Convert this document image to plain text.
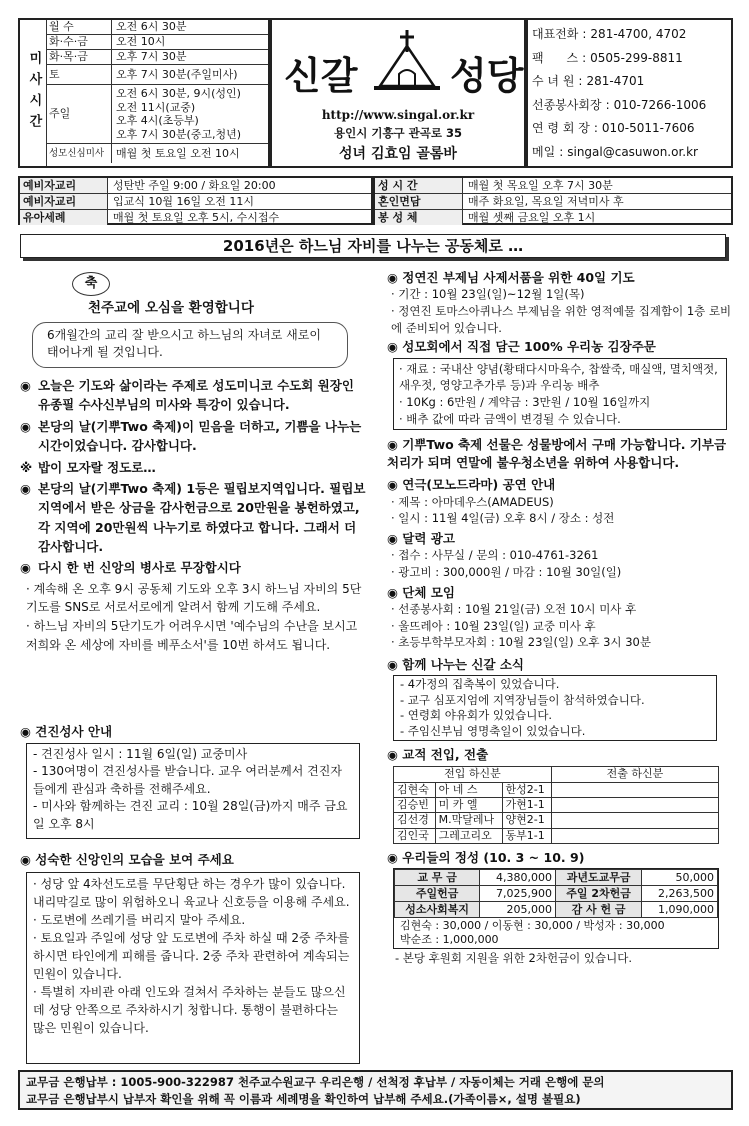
미사시간
월 수	오전 6시 30분
화·수·금	오전 10시
화·목·금	오후 7시 30분
토	오후 7시 30분(주일미사)
주일
오전 6시 30분, 9시(성인)
오전 11시(교중)
오후 4시(초등부)
오후 7시 30분(중고,청년)
성모신심미사	매월 첫 토요일 오전 10시
신갈 성당
http://www.singal.or.kr
용인시 기흥구 관곡로 35
성녀 김효임 골롬바
대표전화 : 281-4700, 4702
팩      스 : 0505-299-8811
수 녀 원 : 281-4701
선종봉사회장 : 010-7266-1006
연 령 회 장 : 010-5011-7606
메일 : singal@casuwon.or.kr
예비자교리	성탄반 주일 9:00 / 화요일 20:00
예비자교리	입교식 10월 16일 오전 11시
유아세례	매월 첫 토요일 오후 5시, 수시접수
성 시 간	매월 첫 목요일 오후 7시 30분
혼인면담	매주 화요일, 목요일 저녁미사 후
봉 성 체	매월 셋째 금요일 오후 1시
2016년은 하느님 자비를 나누는 공동체로 …
축
천주교에 오심을 환영합니다
6개월간의 교리 잘 받으시고 하느님의 자녀로 새로이 태어나게 될 것입니다.
◉ 오늘은 기도와 삶이라는 주제로 성도미니코 수도회 원장인 유종필 수사신부님의 미사와 특강이 있습니다.
◉ 본당의 날(기뿌Two 축제)이 믿음을 더하고, 기쁨을 나누는 시간이었습니다. 감사합니다.
※ 밥이 모자랄 정도로…
◉ 본당의 날(기뿌Two 축제) 1등은 필립보지역입니다. 필립보 지역에서 받은 상금을 감사헌금으로 20만원을 봉헌하였고, 각 지역에 20만원씩 나누기로 하였다고 합니다. 그래서 더 감사합니다.
◉ 다시 한 번 신앙의 병사로 무장합시다
· 계속해 온 오후 9시 공동체 기도와 오후 3시 하느님 자비의 5단기도를 SNS로 서로서로에게 알려서 함께 기도해 주세요.
· 하느님 자비의 5단기도가 어려우시면 '예수님의 수난을 보시고 저희와 온 세상에 자비를 베푸소서'를 10번 하셔도 됩니다.
◉ 견진성사 안내
- 견진성사 일시 : 11월 6일(일) 교중미사
- 130여명이 견진성사를 받습니다. 교우 여러분께서 견진자들에게 관심과 축하를 전해주세요.
- 미사와 함께하는 견진 교리 : 10월 28일(금)까지 매주 금요일 오후 8시
◉ 성숙한 신앙인의 모습을 보여 주세요
· 성당 앞 4차선도로를 무단횡단 하는 경우가 많이 있습니다. 내리막길로 많이 위험하오니 육교나 신호등을 이용해 주세요.
· 도로변에 쓰레기를 버리지 말아 주세요.
· 토요일과 주일에 성당 앞 도로변에 주차 하실 때 2중 주차를 하시면 타인에게 피해를 줍니다. 2중 주차 관련하여 계속되는 민원이 있습니다.
· 특별히 자비관 아래 인도와 걸쳐서 주차하는 분들도 많으신데 성당 안쪽으로 주차하시기 청합니다. 통행이 불편하다는 많은 민원이 있습니다.
◉ 정연진 부제님 사제서품을 위한 40일 기도
· 기간 : 10월 23일(일)~12월 1일(목)
· 정연진 토마스아퀴나스 부제님을 위한 영적예물 집계함이 1층 로비에 준비되어 있습니다.
◉ 성모회에서 직접 담근 100% 우리농 김장주문
· 재료 : 국내산 양념(황태다시마육수, 찹쌀죽, 매실액, 멸치액젓, 새우젓, 영양고추가루 등)과 우리농 배추
· 10Kg : 6만원 / 계약금 : 3만원 / 10월 16일까지
· 배추 값에 따라 금액이 변경될 수 있습니다.
◉ 기뿌Two 축제 선물은 성물방에서 구매 가능합니다. 기부금 처리가 되며 연말에 불우청소년을 위하여 사용합니다.
◉ 연극(모노드라마) 공연 안내
· 제목 : 아마데우스(AMADEUS)
· 일시 : 11월 4일(금) 오후 8시 / 장소 : 성전
◉ 달력 광고
· 접수 : 사무실 / 문의 : 010-4761-3261
· 광고비 : 300,000원 / 마감 : 10월 30일(일)
◉ 단체 모임
· 선종봉사회 : 10월 21일(금) 오전 10시 미사 후
· 울뜨레아 : 10월 23일(일) 교중 미사 후
· 초등부학부모자회 : 10월 23일(일) 오후 3시 30분
◉ 함께 나누는 신갈 소식
- 4가정의 집축복이 있었습니다.
- 교구 심포지엄에 지역장님들이 참석하였습니다.
- 연령회 야유회가 있었습니다.
- 주임신부님 영명축일이 있었습니다.
◉ 교적 전입, 전출
전입 하신분			전출 하신분
김현숙	아 네 스	한성2-1	
김승빈	미 카 엘	가현1-1	
김선경	M.막달레나	양현2-1	
김인국	그레고리오	동부1-1	
◉ 우리들의 정성 (10. 3 ~ 10. 9)
교 무 금	4,380,000	과년도교무금	50,000
주일헌금	7,025,900	주일 2차헌금	2,263,500
성소사회복지	205,000	감 사 헌 금	1,090,000
김현숙 : 30,000 / 이동현 : 30,000 / 박성자 : 30,000
박순조 : 1,000,000
- 본당 후원회 지원을 위한 2차헌금이 있습니다.
교무금 은행납부 : 1005-900-322987 천주교수원교구 우리은행 / 선척정 후납부 / 자동이체는 거래 은행에 문의
교무금 은행납부시 납부자 확인을 위해 꼭 이름과 세례명을 확인하여 납부해 주세요.(가족이름×, 설명 불필요)
